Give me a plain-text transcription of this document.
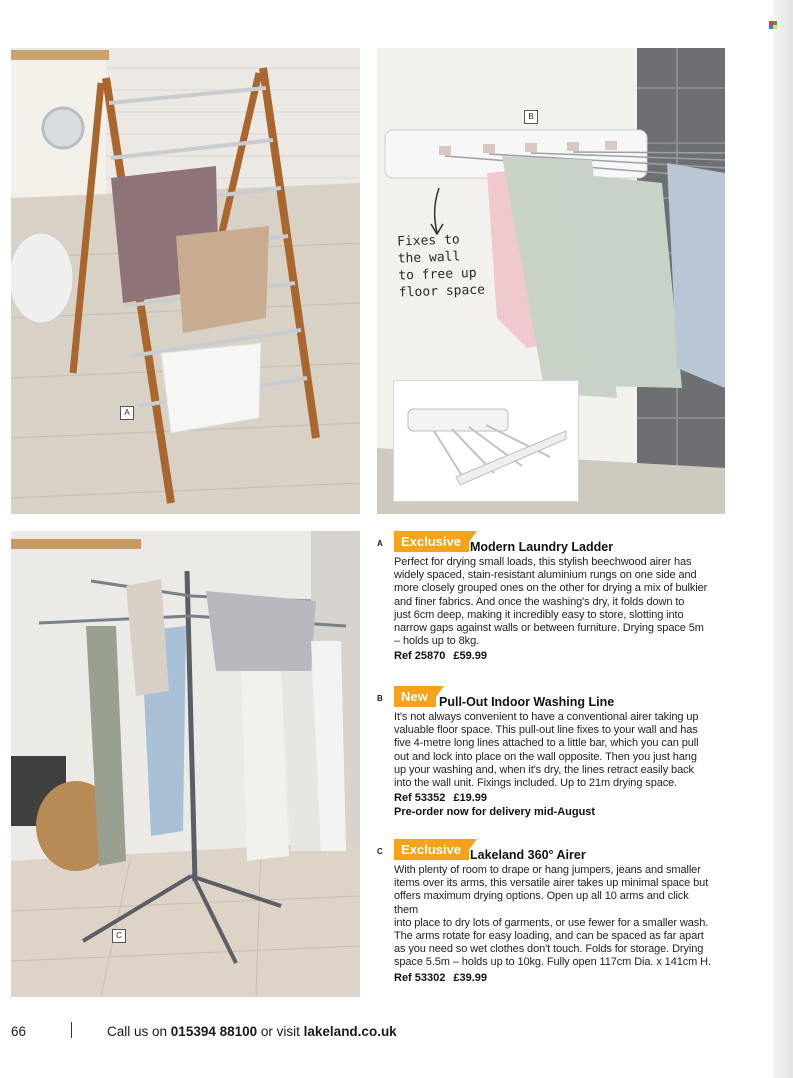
A
B
Fixes to
the wall
to free up
floor space
C
A	Exclusive Modern Laundry Ladder
Perfect for drying small loads, this stylish beechwood airer has
widely spaced, stain-resistant aluminium rungs on one side and
more closely grouped ones on the other for drying a mix of bulkier
and finer fabrics. And once the washing's dry, it folds down to
just 6cm deep, making it incredibly easy to store, slotting into
narrow gaps against walls or between furniture. Drying space 5m
– holds up to 8kg.
Ref 25870 £59.99
B	New Pull-Out Indoor Washing Line
It's not always convenient to have a conventional airer taking up
valuable floor space. This pull-out line fixes to your wall and has
five 4-metre long lines attached to a little bar, which you can pull
out and lock into place on the wall opposite. Then you just hang
up your washing and, when it's dry, the lines retract easily back
into the wall unit. Fixings included. Up to 21m drying space.
Ref 53352 £19.99
Pre-order now for delivery mid-August
C	Exclusive Lakeland 360° Airer
With plenty of room to drape or hang jumpers, jeans and smaller
items over its arms, this versatile airer takes up minimal space but
offers maximum drying options. Open up all 10 arms and click them
into place to dry lots of garments, or use fewer for a smaller wash.
The arms rotate for easy loading, and can be spaced as far apart
as you need so wet clothes don't touch. Folds for storage. Drying
space 5.5m – holds up to 10kg. Fully open 117cm Dia. x 141cm H.
Ref 53302 £39.99
66	Call us on 015394 88100 or visit lakeland.co.uk
